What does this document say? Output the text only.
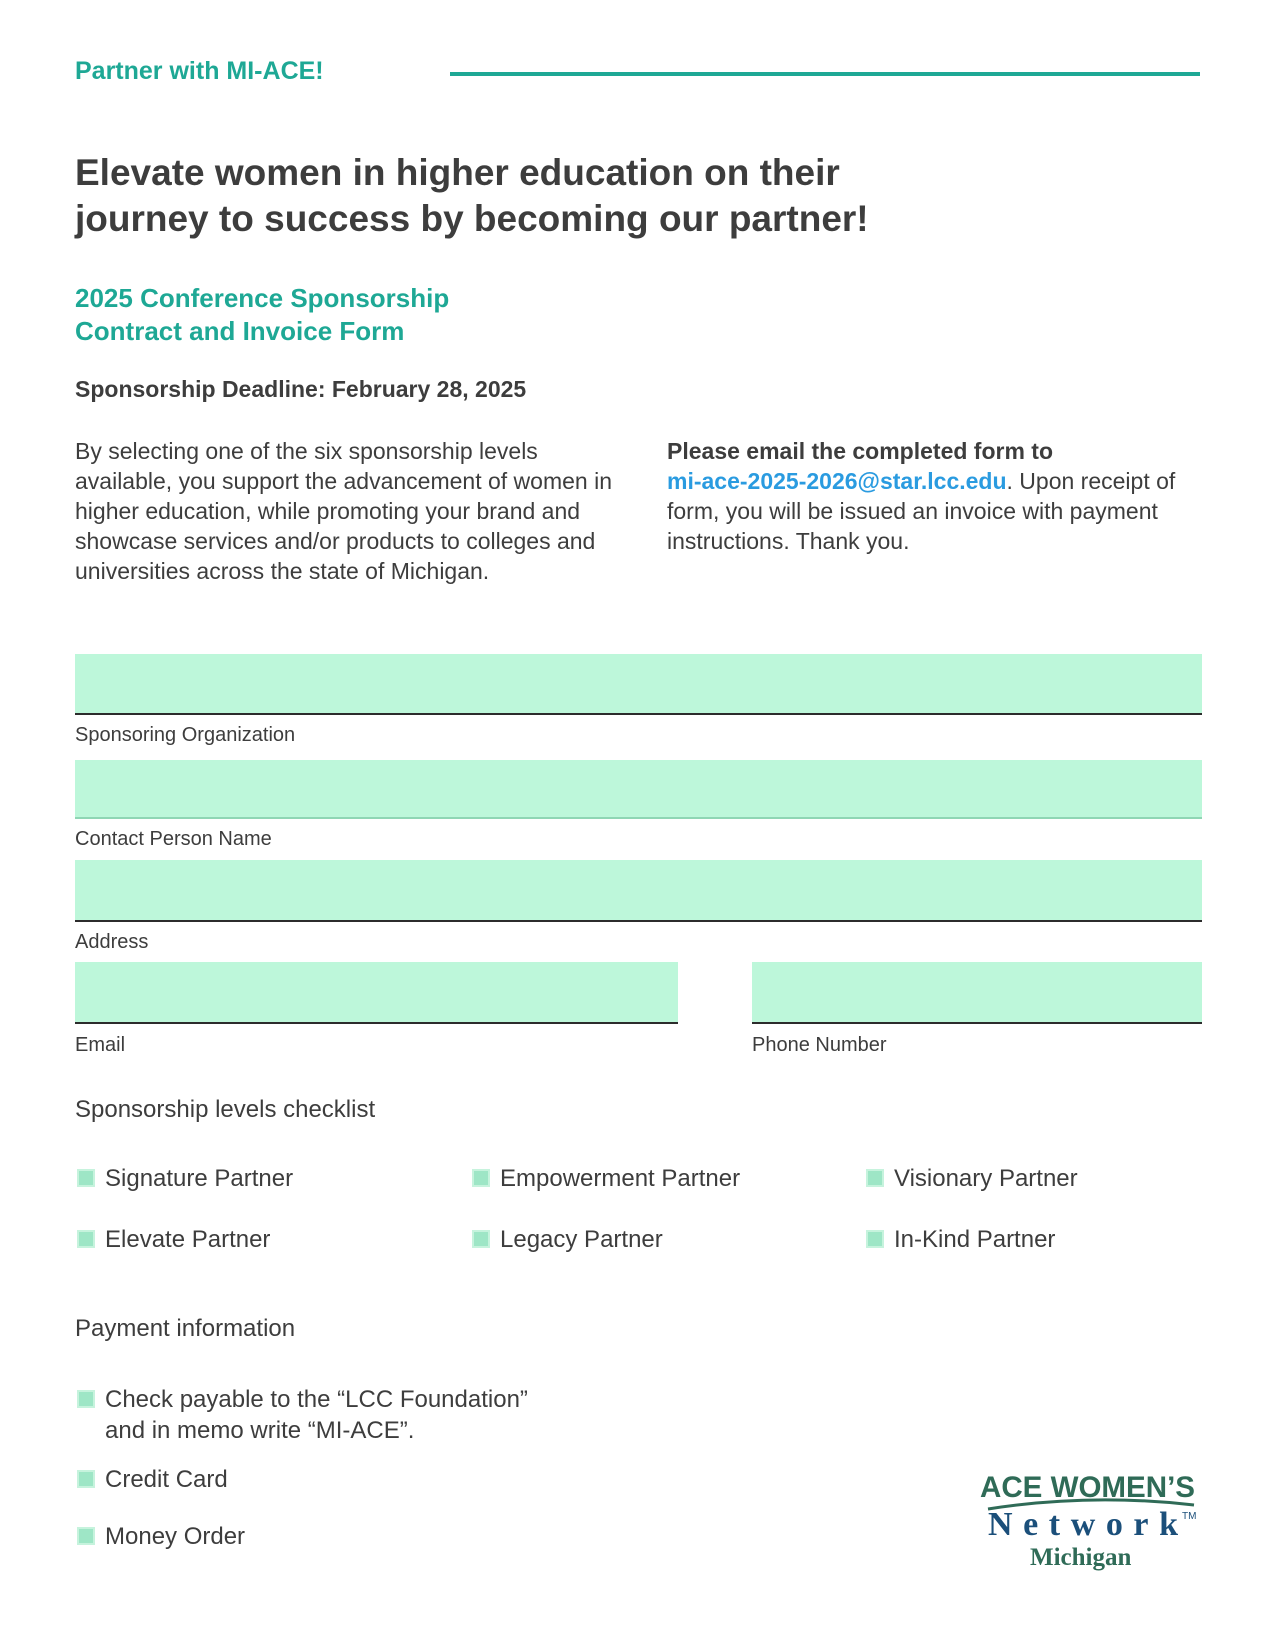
Partner with MI-ACE!
Elevate women in higher education on their
journey to success by becoming our partner!
2025 Conference Sponsorship
Contract and Invoice Form
Sponsorship Deadline: February 28, 2025
By selecting one of the six sponsorship levels available, you support the advancement of women in higher education, while promoting your brand and showcase services and/or products to colleges and universities across the state of Michigan.
Please email the completed form to
mi-ace-2025-2026@star.lcc.edu. Upon receipt of form, you will be issued an invoice with payment instructions. Thank you.
Sponsoring Organization
Contact Person Name
Address
Email	Phone Number
Sponsorship levels checklist
Signature Partner	Empowerment Partner	Visionary Partner
Elevate Partner	Legacy Partner	In-Kind Partner
Payment information
Check payable to the “LCC Foundation”
and in memo write “MI-ACE”.
Credit Card
Money Order
ACE WOMEN’S
Network TM
Michigan
